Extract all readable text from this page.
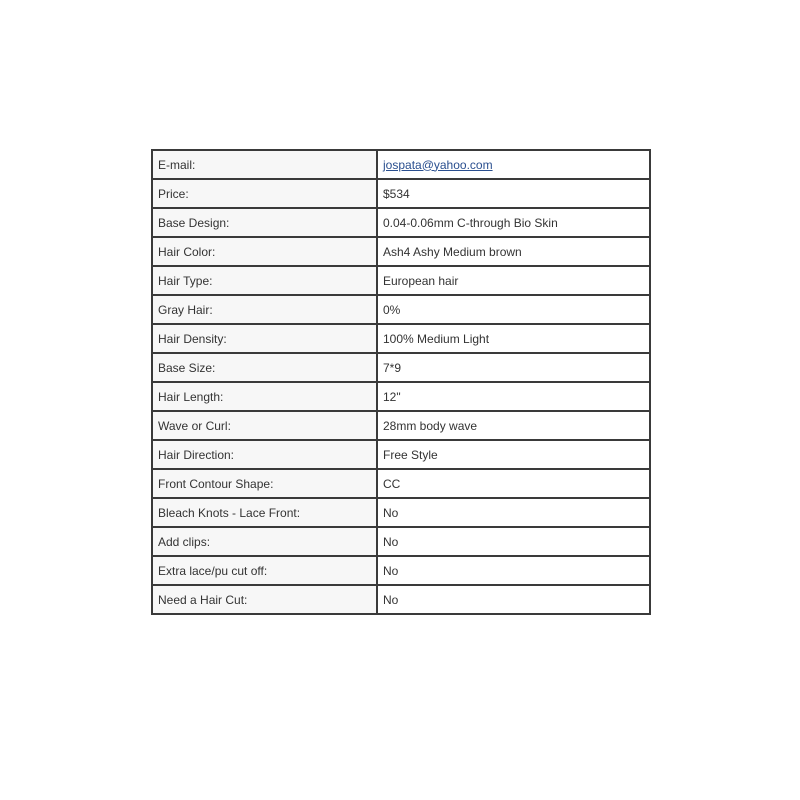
E-mail:	jospata@yahoo.com
Price:	$534
Base Design:	0.04-0.06mm C-through Bio Skin
Hair Color:	Ash4 Ashy Medium brown
Hair Type:	European hair
Gray Hair:	0%
Hair Density:	100% Medium Light
Base Size:	7*9
Hair Length:	12"
Wave or Curl:	28mm body wave
Hair Direction:	Free Style
Front Contour Shape:	CC
Bleach Knots - Lace Front:	No
Add clips:	No
Extra lace/pu cut off:	No
Need a Hair Cut:	No
